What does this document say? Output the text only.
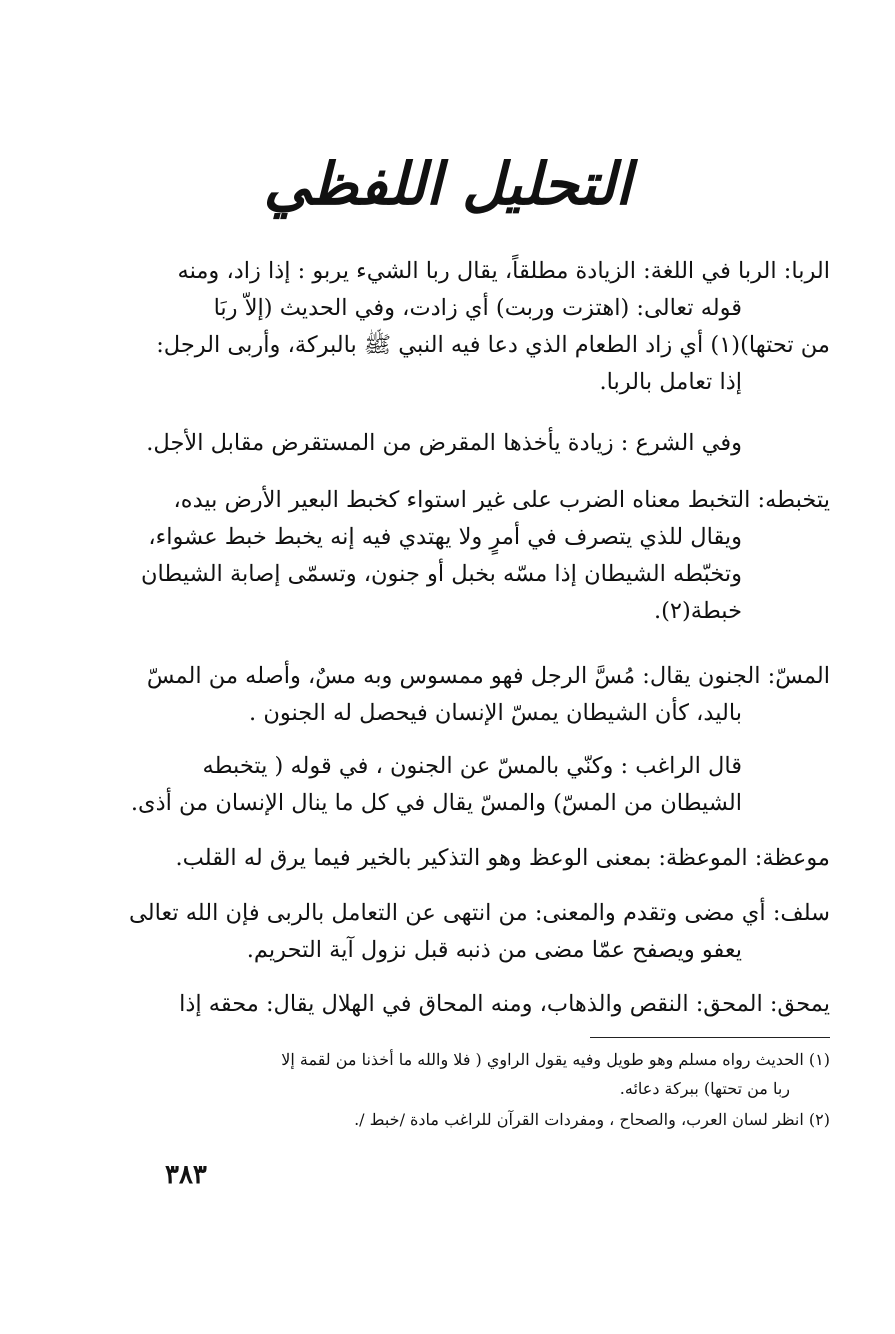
التحليل اللفظي
الربا: الربا في اللغة: الزيادة مطلقاً، يقال ربا الشيء يربو : إذا زاد، ومنه
قوله تعالى: (اهتزت وربت) أي زادت، وفي الحديث (إلاّ ربَا
من تحتها)(١) أي زاد الطعام الذي دعا فيه النبي ﷺ بالبركة، وأربى الرجل:
إذا تعامل بالربا.
وفي الشرع : زيادة يأخذها المقرض من المستقرض مقابل الأجل.
يتخبطه: التخبط معناه الضرب على غير استواء كخبط البعير الأرض بيده،
ويقال للذي يتصرف في أمرٍ ولا يهتدي فيه إنه يخبط خبط عشواء،
وتخبّطه الشيطان إذا مسّه بخبل أو جنون، وتسمّى إصابة الشيطان
خبطة(٢).
المسّ: الجنون يقال: مُسَّ الرجل فهو ممسوس وبه مسٌ، وأصله من المسّ
باليد، كأن الشيطان يمسّ الإنسان فيحصل له الجنون .
قال الراغب : وكنّي بالمسّ عن الجنون ، في قوله ( يتخبطه
الشيطان من المسّ) والمسّ يقال في كل ما ينال الإنسان من أذى.
موعظة: الموعظة: بمعنى الوعظ وهو التذكير بالخير فيما يرق له القلب.
سلف: أي مضى وتقدم والمعنى: من انتهى عن التعامل بالربى فإن الله تعالى
يعفو ويصفح عمّا مضى من ذنبه قبل نزول آية التحريم.
يمحق: المحق: النقص والذهاب، ومنه المحاق في الهلال يقال: محقه إذا
(١) الحديث رواه مسلم وهو طويل وفيه يقول الراوي ( فلا والله ما أخذنا من لقمة إلا
ربا من تحتها) ببركة دعائه.
(٢) انظر لسان العرب، والصحاح ، ومفردات القرآن للراغب مادة /خبط /.
٣٨٣
